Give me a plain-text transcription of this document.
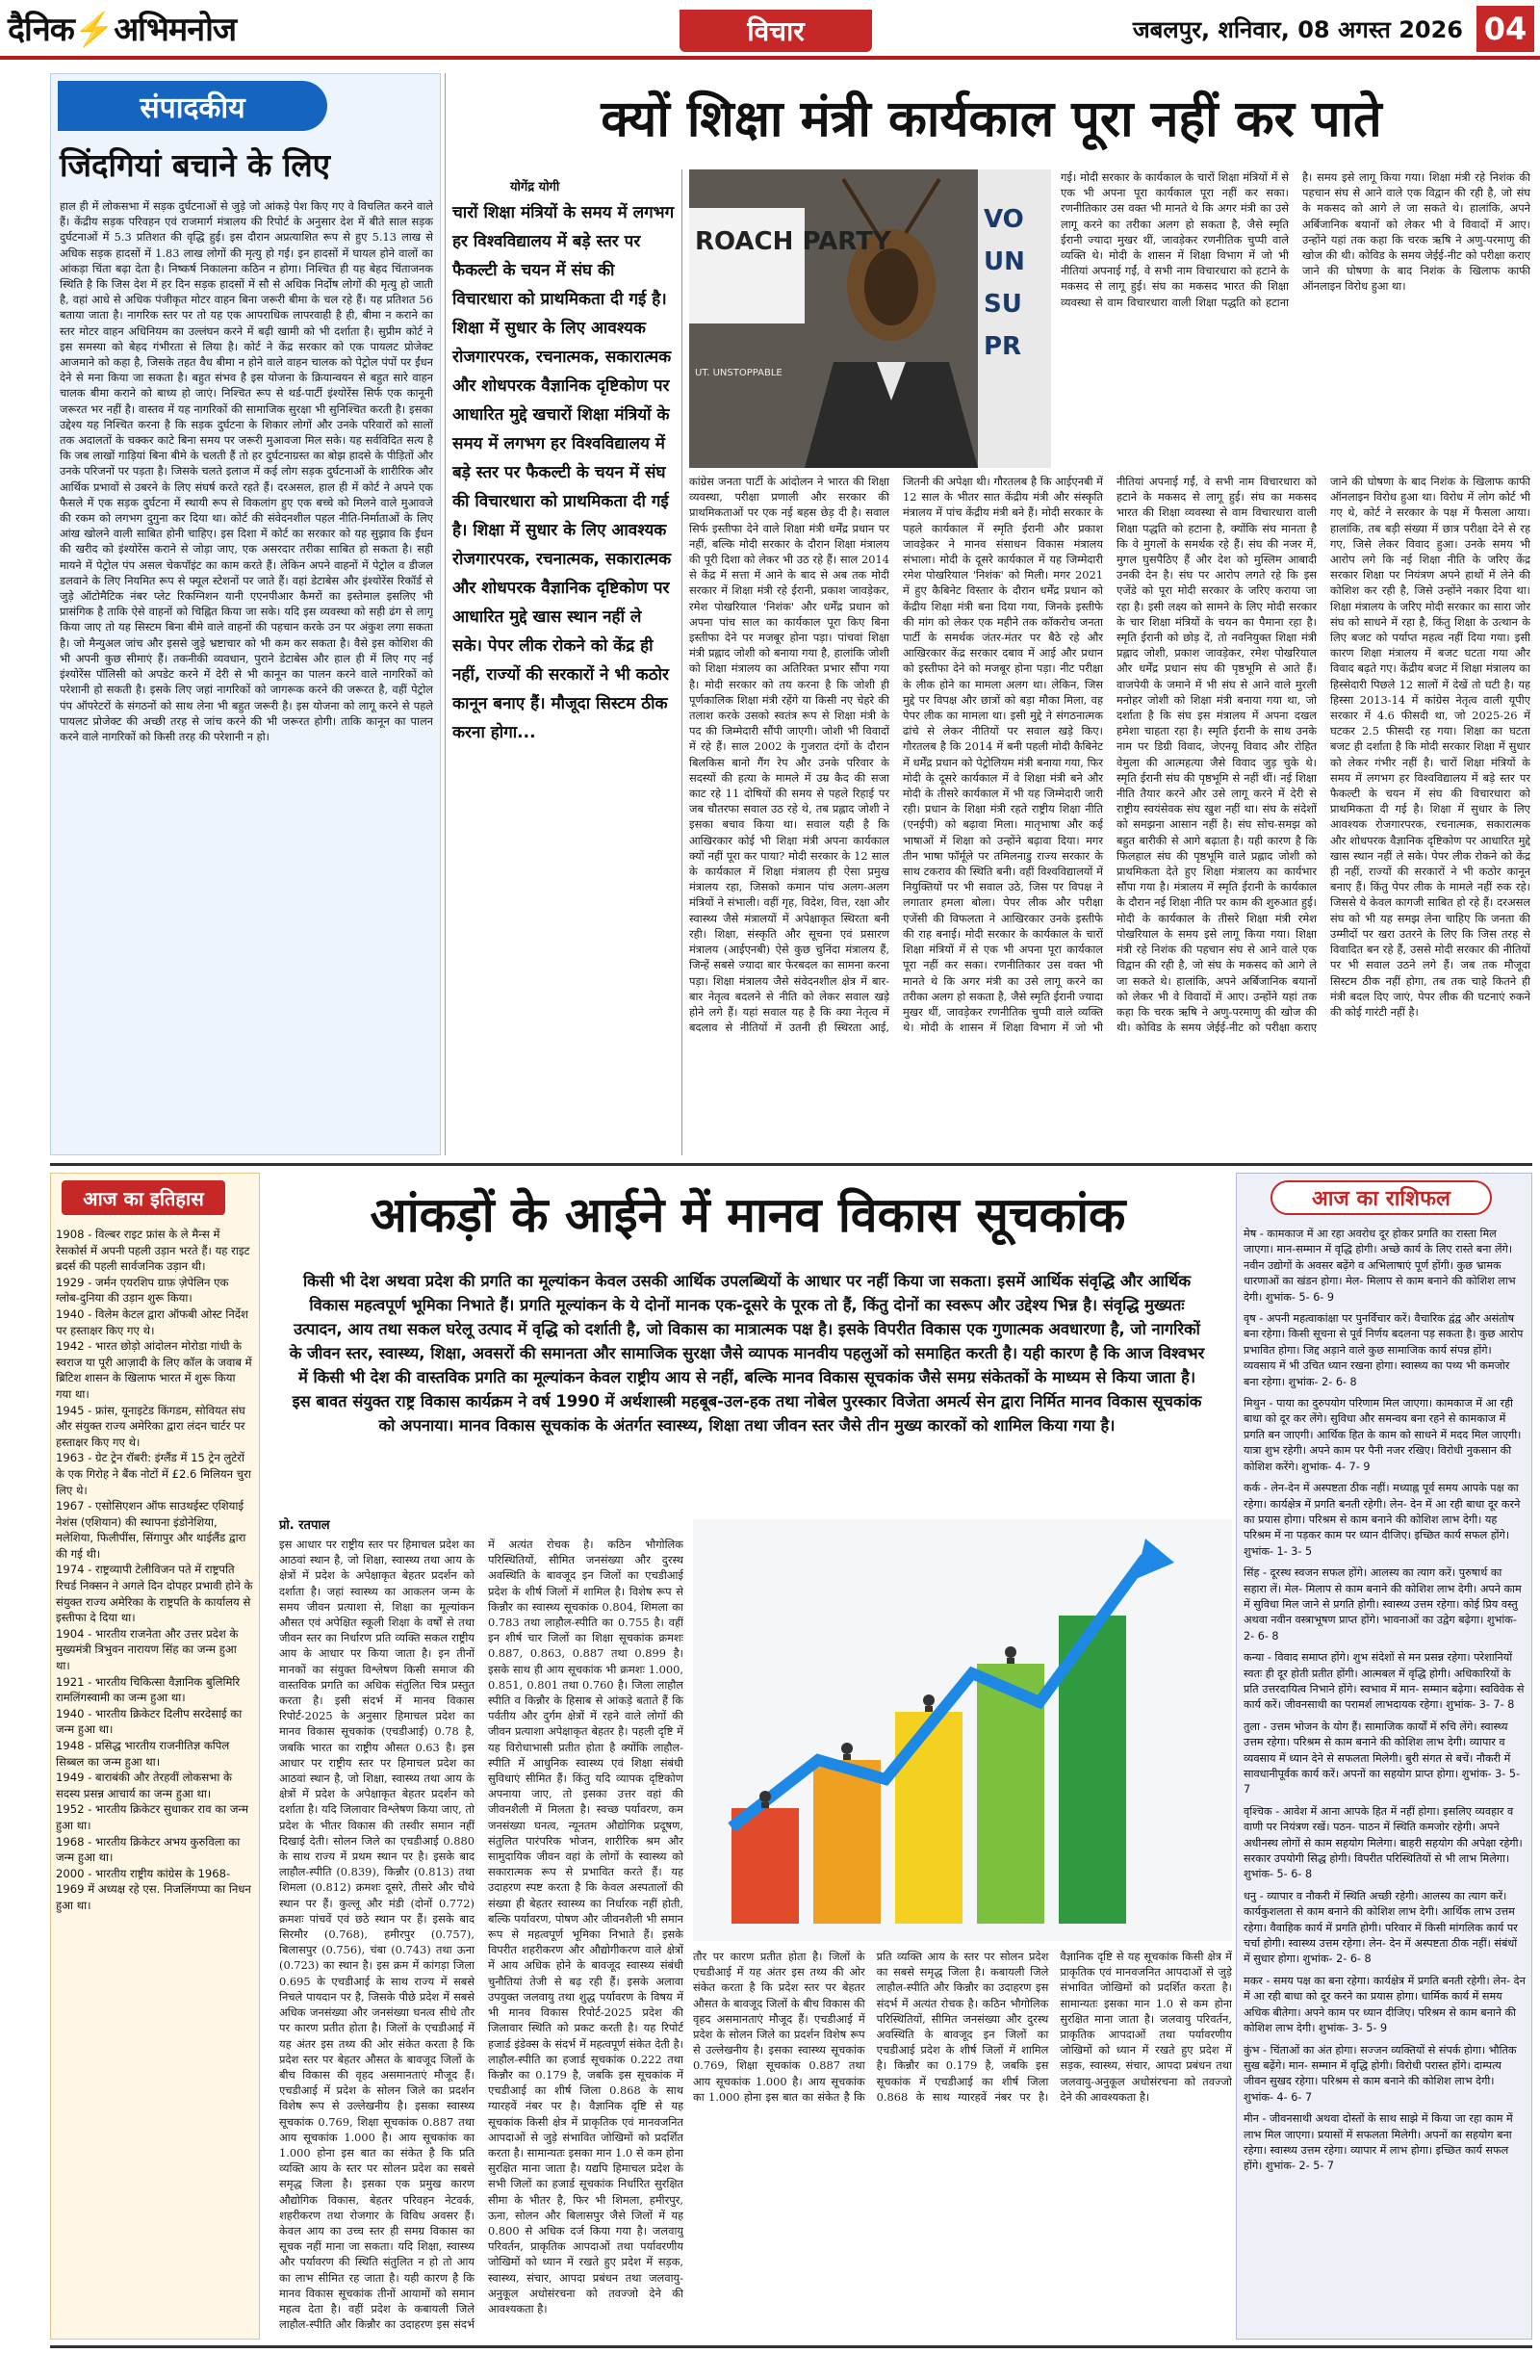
दैनिक⚡अभिमनोज	विचार	जबलपुर, शनिवार, 08 अगस्त 2026 04
संपादकीय
जिंदगियां बचाने के लिए

हाल ही में लोकसभा में सड़क दुर्घटनाओं से जुड़े जो आंकड़े पेश किए गए वे विचलित करने वाले हैं। केंद्रीय सड़क परिवहन एवं राजमार्ग मंत्रालय की रिपोर्ट के अनुसार देश में बीते साल सड़क दुर्घटनाओं में 5.3 प्रतिशत की वृद्धि हुई। इस दौरान अप्रत्याशित रूप से हुए 5.13 लाख से अधिक सड़क हादसों में 1.83 लाख लोगों की मृत्यु हो गई। इन हादसों में घायल होने वालों का आंकड़ा चिंता बढ़ा देता है। निष्कर्ष निकालना कठिन न होगा। निश्चित ही यह बेहद चिंताजनक स्थिति है कि जिस देश में हर दिन सड़क हादसों में सौ से अधिक निर्दोष लोगों की मृत्यु हो जाती है, वहां आधे से अधिक पंजीकृत मोटर वाहन बिना जरूरी बीमा के चल रहे हैं। यह प्रतिशत 56 बताया जाता है। नागरिक स्तर पर तो यह एक आपराधिक लापरवाही है ही, बीमा न कराने का स्तर मोटर वाहन अधिनियम का उल्लंघन करने में बढ़ी खामी को भी दर्शाता है। सुप्रीम कोर्ट ने इस समस्या को बेहद गंभीरता से लिया है। कोर्ट ने केंद्र सरकार को एक पायलट प्रोजेक्ट आजमाने को कहा है, जिसके तहत वैध बीमा न होने वाले वाहन चालक को पेट्रोल पंपों पर ईंधन देने से मना किया जा सकता है। बहुत संभव है इस योजना के क्रियान्वयन से बहुत सारे वाहन चालक बीमा कराने को बाध्य हो जाएं। निश्चित रूप से थर्ड-पार्टी इंश्योरेंस सिर्फ एक कानूनी जरूरत भर नहीं है। वास्तव में यह नागरिकों की सामाजिक सुरक्षा भी सुनिश्चित करती है। इसका उद्देश्य यह निश्चित करना है कि सड़क दुर्घटना के शिकार लोगों और उनके परिवारों को सालों तक अदालतों के चक्कर काटे बिना समय पर जरूरी मुआवजा मिल सके। यह सर्वविदित सत्य है कि जब लाखों गाड़ियां बिना बीमे के चलती हैं तो हर दुर्घटनाग्रस्त का बोझ हादसे के पीड़ितों और उनके परिजनों पर पड़ता है। जिसके चलते इलाज में कई लोग सड़क दुर्घटनाओं के शारीरिक और आर्थिक प्रभावों से उबरने के लिए संघर्ष करते रहते हैं। दरअसल, हाल ही में कोर्ट ने अपने एक फैसले में एक सड़क दुर्घटना में स्थायी रूप से विकलांग हुए एक बच्चे को मिलने वाले मुआवजे की रकम को लगभग दुगुना कर दिया था। कोर्ट की संवेदनशील पहल नीति-निर्माताओं के लिए आंख खोलने वाली साबित होनी चाहिए। इस दिशा में कोर्ट का सरकार को यह सुझाव कि ईंधन की खरीद को इंश्योरेंस कराने से जोड़ा जाए, एक असरदार तरीका साबित हो सकता है। सही मायने में पेट्रोल पंप असल चेकपॉइंट का काम करते हैं। लेकिन अपने वाहनों में पेट्रोल व डीजल डलवाने के लिए नियमित रूप से फ्यूल स्टेशनों पर जाते हैं। वहां डेटाबेस और इंश्योरेंस रिकॉर्ड से जुड़े ऑटोमैटिक नंबर प्लेट रिकग्निशन यानी एएनपीआर कैमरों का इस्तेमाल इसलिए भी प्रासंगिक है ताकि ऐसे वाहनों को चिह्नित किया जा सके। यदि इस व्यवस्था को सही ढंग से लागू किया जाए तो यह सिस्टम बिना बीमे वाले वाहनों की पहचान करके उन पर अंकुश लगा सकता है। जो मैन्युअल जांच और इससे जुड़े भ्रष्टाचार को भी कम कर सकता है। वैसे इस कोशिश की भी अपनी कुछ सीमाएं हैं। तकनीकी व्यवधान, पुराने डेटाबेस और हाल ही में लिए गए नई इंश्योरेंस पॉलिसी को अपडेट करने में देरी से भी कानून का पालन करने वाले नागरिकों को परेशानी हो सकती है। इसके लिए जहां नागरिकों को जागरूक करने की जरूरत है, वहीं पेट्रोल पंप ऑपरेटरों के संगठनों को साथ लेना भी बहुत जरूरी है। इस योजना को लागू करने से पहले पायलट प्रोजेक्ट की अच्छी तरह से जांच करने की भी जरूरत होगी। ताकि कानून का पालन करने वाले नागरिकों को किसी तरह की परेशानी न हो।

क्यों शिक्षा मंत्री कार्यकाल पूरा नहीं कर पाते
योगेंद्र योगी
चारों शिक्षा मंत्रियों के समय में लगभग हर विश्वविद्यालय में बड़े स्तर पर फैकल्टी के चयन में संघ की विचारधारा को प्राथमिकता दी गई है। शिक्षा में सुधार के लिए आवश्यक रोजगारपरक, रचनात्मक, सकारात्मक और शोधपरक वैज्ञानिक दृष्टिकोण पर आधारित मुद्दे खचारों शिक्षा मंत्रियों के समय में लगभग हर विश्वविद्यालय में बड़े स्तर पर फैकल्टी के चयन में संघ की विचारधारा को प्राथमिकता दी गई है। शिक्षा में सुधार के लिए आवश्यक रोजगारपरक, रचनात्मक, सकारात्मक और शोधपरक वैज्ञानिक दृष्टिकोण पर आधारित मुद्दे खास स्थान नहीं ले सके। पेपर लीक रोकने को केंद्र ही नहीं, राज्यों की सरकारों ने भी कठोर कानून बनाए हैं। मौजूदा सिस्टम ठीक करना होगा...
ROACH PARTY
UT. UNSTOPPABLE
VO UN SU PR

कांग्रेस जनता पार्टी के आंदोलन ने भारत की शिक्षा व्यवस्था, परीक्षा प्रणाली और सरकार की प्राथमिकताओं पर एक नई बहस छेड़ दी है। सवाल सिर्फ इस्तीफा देने वाले शिक्षा मंत्री धर्मेंद्र प्रधान पर नहीं, बल्कि मोदी सरकार के दौरान शिक्षा मंत्रालय की पूरी दिशा को लेकर भी उठ रहे हैं। साल 2014 से केंद्र में सत्ता में आने के बाद से अब तक मोदी सरकार में शिक्षा मंत्री रहे ईरानी, प्रकाश जावड़ेकर, रमेश पोखरियाल 'निशंक' और धर्मेंद्र प्रधान को अपना पांच साल का कार्यकाल पूरा किए बिना इस्तीफा देने पर मजबूर होना पड़ा। पांचवां शिक्षा मंत्री प्रह्लाद जोशी को बनाया गया है, हालांकि जोशी को शिक्षा मंत्रालय का अतिरिक्त प्रभार सौंपा गया है। मोदी सरकार को तय करना है कि जोशी ही पूर्णकालिक शिक्षा मंत्री रहेंगे या किसी नए चेहरे की तलाश करके उसको स्वतंत्र रूप से शिक्षा मंत्री के पद की जिम्मेदारी सौंपी जाएगी। जोशी भी विवादों में रहे हैं। साल 2002 के गुजरात दंगों के दौरान बिलकिस बानो गैंग रेप और उनके परिवार के सदस्यों की हत्या के मामले में उम्र कैद की सजा काट रहे 11 दोषियों की समय से पहले रिहाई पर जब चौतरफा सवाल उठ रहे थे, तब प्रह्लाद जोशी ने इसका बचाव किया था। सवाल यही है कि आखिरकार कोई भी शिक्षा मंत्री अपना कार्यकाल क्यों नहीं पूरा कर पाया? मोदी सरकार के 12 साल के कार्यकाल में शिक्षा मंत्रालय ही ऐसा प्रमुख मंत्रालय रहा, जिसको कमान पांच अलग-अलग मंत्रियों ने संभाली। वहीं गृह, विदेश, वित्त, रक्षा और स्वास्थ्य जैसे मंत्रालयों में अपेक्षाकृत स्थिरता बनी रही। शिक्षा, संस्कृति और सूचना एवं प्रसारण मंत्रालय (आईएनबी) ऐसे कुछ चुनिंदा मंत्रालय हैं, जिन्हें सबसे ज्यादा बार फेरबदल का सामना करना पड़ा। शिक्षा मंत्रालय जैसे संवेदनशील क्षेत्र में बार-बार नेतृत्व बदलने से नीति को लेकर सवाल खड़े होने लगे हैं। यहां सवाल यह है कि क्या नेतृत्व में बदलाव से नीतियों में उतनी ही स्थिरता आई, जितनी की अपेक्षा थी। गौरतलब है कि आईएनबी में 12 साल के भीतर सात केंद्रीय मंत्री और संस्कृति मंत्रालय में पांच केंद्रीय मंत्री बने हैं। मोदी सरकार के पहले कार्यकाल में स्मृति ईरानी और प्रकाश जावड़ेकर ने मानव संसाधन विकास मंत्रालय संभाला। मोदी के दूसरे कार्यकाल में यह जिम्मेदारी रमेश पोखरियाल 'निशंक' को मिली। मगर 2021 में हुए कैबिनेट विस्तार के दौरान धर्मेंद्र प्रधान को केंद्रीय शिक्षा मंत्री बना दिया गया, जिनके इस्तीफे की मांग को लेकर एक महीने तक कॉकरोच जनता पार्टी के समर्थक जंतर-मंतर पर बैठे रहे और आखिरकार केंद्र सरकार दबाव में आई और प्रधान को इस्तीफा देने को मजबूर होना पड़ा। नीट परीक्षा के लीक होने का मामला अलग था। लेकिन, जिस मुद्दे पर विपक्ष और छात्रों को बड़ा मौका मिला, वह पेपर लीक का मामला था। इसी मुद्दे ने संगठनात्मक ढांचे से लेकर नीतियों पर सवाल खड़े किए। गौरतलब है कि 2014 में बनी पहली मोदी कैबिनेट में धर्मेंद्र प्रधान को पेट्रोलियम मंत्री बनाया गया, फिर मोदी के दूसरे कार्यकाल में वे शिक्षा मंत्री बने और मोदी के तीसरे कार्यकाल में भी यह जिम्मेदारी जारी रही। प्रधान के शिक्षा मंत्री रहते राष्ट्रीय शिक्षा नीति (एनईपी) को बढ़ावा मिला। मातृभाषा और कई भाषाओं में शिक्षा को उन्होंने बढ़ावा दिया। मगर तीन भाषा फॉर्मूले पर तमिलनाडु राज्य सरकार के साथ टकराव की स्थिति बनी। वहीं विश्वविद्यालयों में नियुक्तियों पर भी सवाल उठे, जिस पर विपक्ष ने लगातार हमला बोला। पेपर लीक और परीक्षा एजेंसी की विफलता ने आखिरकार उनके इस्तीफे की राह बनाई। मोदी सरकार के कार्यकाल के चारों शिक्षा मंत्रियों में से एक भी अपना पूरा कार्यकाल पूरा नहीं कर सका। रणनीतिकार उस वक्त भी मानते थे कि अगर मंत्री का उसे लागू करने का तरीका अलग हो सकता है, जैसे स्मृति ईरानी ज्यादा मुखर थीं, जावड़ेकर रणनीतिक चुप्पी वाले व्यक्ति थे। मोदी के शासन में शिक्षा विभाग में जो भी नीतियां अपनाई गईं, वे सभी नाम विचारधारा को हटाने के मकसद से लागू हुई। संघ का मकसद भारत की शिक्षा व्यवस्था से वाम विचारधारा वाली शिक्षा पद्धति को हटाना है, क्योंकि संघ मानता है कि वे मुगलों के समर्थक रहे हैं। संघ की नजर में, मुगल घुसपैठिए हैं और देश को मुस्लिम आबादी उनकी देन है। संघ पर आरोप लगते रहे कि इस एजेंडे को पूरा मोदी सरकार के जरिए कराया जा रहा है। इसी लक्ष्य को सामने के लिए मोदी सरकार के चार शिक्षा मंत्रियों के चयन का पैमाना रहा है। स्मृति ईरानी को छोड़ दें, तो नवनियुक्त शिक्षा मंत्री प्रह्लाद जोशी, प्रकाश जावड़ेकर, रमेश पोखरियाल और धर्मेंद्र प्रधान संघ की पृष्ठभूमि से आते हैं। वाजपेयी के जमाने में भी संघ से आने वाले मुरली मनोहर जोशी को शिक्षा मंत्री बनाया गया था, जो दर्शाता है कि संघ इस मंत्रालय में अपना दखल हमेशा चाहता रहा है। स्मृति ईरानी के साथ उनके नाम पर डिग्री विवाद, जेएनयू विवाद और रोहित वेमुला की आत्महत्या जैसे विवाद जुड़ चुके थे। स्मृति ईरानी संघ की पृष्ठभूमि से नहीं थीं। नई शिक्षा नीति तैयार करने और उसे लागू करने में देरी से राष्ट्रीय स्वयंसेवक संघ खुश नहीं था। संघ के संदेशों को समझना आसान नहीं है। संघ सोच-समझ को बहुत बारीकी से आगे बढ़ाता है। यही कारण है कि फिलहाल संघ की पृष्ठभूमि वाले प्रह्लाद जोशी को प्राथमिकता देते हुए शिक्षा मंत्रालय का कार्यभार सौंपा गया है। मंत्रालय में स्मृति ईरानी के कार्यकाल के दौरान नई शिक्षा नीति पर काम की शुरुआत हुई। मोदी के कार्यकाल के तीसरे शिक्षा मंत्री रमेश पोखरियाल के समय इसे लागू किया गया। शिक्षा मंत्री रहे निशंक की पहचान संघ से आने वाले एक विद्वान की रही है, जो संघ के मकसद को आगे ले जा सकते थे। हालांकि, अपने अर्बिजानिक बयानों को लेकर भी वे विवादों में आए। उन्होंने यहां तक कहा कि चरक ऋषि ने अणु-परमाणु की खोज की थी। कोविड के समय जेईई-नीट को परीक्षा कराए जाने की घोषणा के बाद निशंक के खिलाफ काफी ऑनलाइन विरोध हुआ था। विरोध में लोग कोर्ट भी गए थे, कोर्ट ने सरकार के पक्ष में फैसला आया। हालांकि, तब बड़ी संख्या में छात्र परीक्षा देने से रह गए, जिसे लेकर विवाद हुआ। उनके समय भी आरोप लगे कि नई शिक्षा नीति के जरिए केंद्र सरकार शिक्षा पर नियंत्रण अपने हाथों में लेने की कोशिश कर रही है, जिसे उन्होंने नकार दिया था। शिक्षा मंत्रालय के जरिए मोदी सरकार का सारा जोर संघ को साधने में रहा है, किंतु शिक्षा के उत्थान के लिए बजट को पर्याप्त महत्व नहीं दिया गया। इसी कारण शिक्षा मंत्रालय में बजट घटता गया और विवाद बढ़ते गए। केंद्रीय बजट में शिक्षा मंत्रालय का हिस्सेदारी पिछले 12 सालों में देखें तो घटी है। यह हिस्सा 2013-14 में कांग्रेस नेतृत्व वाली यूपीए सरकार में 4.6 फीसदी था, जो 2025-26 में घटकर 2.5 फीसदी रह गया। शिक्षा का घटता बजट ही दर्शाता है कि मोदी सरकार शिक्षा में सुधार को लेकर गंभीर नहीं है। चारों शिक्षा मंत्रियों के समय में लगभग हर विश्वविद्यालय में बड़े स्तर पर फैकल्टी के चयन में संघ की विचारधारा को प्राथमिकता दी गई है। शिक्षा में सुधार के लिए आवश्यक रोजगारपरक, रचनात्मक, सकारात्मक और शोधपरक वैज्ञानिक दृष्टिकोण पर आधारित मुद्दे खास स्थान नहीं ले सके। पेपर लीक रोकने को केंद्र ही नहीं, राज्यों की सरकारों ने भी कठोर कानून बनाए हैं। किंतु पेपर लीक के मामले नहीं रुक रहे। जिससे ये केवल कागजी साबित हो रहे हैं। दरअसल संघ को भी यह समझ लेना चाहिए कि जनता की उम्मीदों पर खरा उतरने के लिए कि जिस तरह से विवादित बन रहे हैं, उससे मोदी सरकार की नीतियों पर भी सवाल उठने लगे हैं। जब तक मौजूदा सिस्टम ठीक नहीं होगा, तब तक चाहे कितने ही मंत्री बदल दिए जाएं, पेपर लीक की घटनाएं रुकने की कोई गारंटी नहीं है।

गई। मोदी सरकार के कार्यकाल के चारों शिक्षा मंत्रियों में से एक भी अपना पूरा कार्यकाल पूरा नहीं कर सका। रणनीतिकार उस वक्त भी मानते थे कि अगर मंत्री का उसे लागू करने का तरीका अलग हो सकता है, जैसे स्मृति ईरानी ज्यादा मुखर थीं, जावड़ेकर रणनीतिक चुप्पी वाले व्यक्ति थे। मोदी के शासन में शिक्षा विभाग में जो भी नीतियां अपनाई गईं, वे सभी नाम विचारधारा को हटाने के मकसद से लागू हुई। संघ का मकसद भारत की शिक्षा व्यवस्था से वाम विचारधारा वाली शिक्षा पद्धति को हटाना है। समय इसे लागू किया गया। शिक्षा मंत्री रहे निशंक की पहचान संघ से आने वाले एक विद्वान की रही है, जो संघ के मकसद को आगे ले जा सकते थे। हालांकि, अपने अर्बिजानिक बयानों को लेकर भी वे विवादों में आए। उन्होंने यहां तक कहा कि चरक ऋषि ने अणु-परमाणु की खोज की थी। कोविड के समय जेईई-नीट को परीक्षा कराए जाने की घोषणा के बाद निशंक के खिलाफ काफी ऑनलाइन विरोध हुआ था।

आज का इतिहास

1908 - विल्बर राइट फ्रांस के ले मैन्स में रेसकोर्स में अपनी पहली उड़ान भरते हैं। यह राइट ब्रदर्स की पहली सार्वजनिक उड़ान थी।

1929 - जर्मन एयरशिप ग्राफ़ ज़ेपेलिन एक ग्लोब-दुनिया की उड़ान शुरू किया।

1940 - विलेम केटल द्वारा ऑफबी ओस्ट निर्देश पर हस्ताक्षर किए गए थे।

1942 - भारत छोड़ो आंदोलन मोरोडा गांधी के स्वराज या पूरी आज़ादी के लिए कॉल के जवाब में ब्रिटिश शासन के खिलाफ भारत में शुरू किया गया था।

1945 - फ्रांस, यूनाइटेड किंगडम, सोवियत संघ और संयुक्त राज्य अमेरिका द्वारा लंदन चार्टर पर हस्ताक्षर किए गए थे।

1963 - ग्रेट ट्रेन रॉबरी: इंग्लैंड में 15 ट्रेन लुटेरों के एक गिरोह ने बैंक नोटों में £2.6 मिलियन चुरा लिए थे।

1967 - एसोसिएशन ऑफ साउथईस्ट एशियाई नेशंस (एशियान) की स्थापना इंडोनेशिया, मलेशिया, फिलीपींस, सिंगापुर और थाईलैंड द्वारा की गई थी।

1974 - राष्ट्रव्यापी टेलीविजन पते में राष्ट्रपति रिचर्ड निक्सन ने अगले दिन दोपहर प्रभावी होने के संयुक्त राज्य अमेरिका के राष्ट्रपति के कार्यालय से इस्तीफा दे दिया था।

1904 - भारतीय राजनेता और उत्तर प्रदेश के मुख्यमंत्री त्रिभुवन नारायण सिंह का जन्म हुआ था।

1921 - भारतीय चिकित्सा वैज्ञानिक बुलिमिरि रामलिंगस्वामी का जन्म हुआ था।

1940 - भारतीय क्रिकेटर दिलीप सरदेसाई का जन्म हुआ था।

1948 - प्रसिद्ध भारतीय राजनीतिज्ञ कपिल सिब्बल का जन्म हुआ था।

1949 - बाराबंकी और तेरहवीं लोकसभा के सदस्य प्रसन्न आचार्य का जन्म हुआ था।

1952 - भारतीय क्रिकेटर सुधाकर राव का जन्म हुआ था।

1968 - भारतीय क्रिकेटर अभय कुरुविला का जन्म हुआ था।

2000 - भारतीय राष्ट्रीय कांग्रेस के 1968-1969 में अध्यक्ष रहे एस. निजलिंगप्पा का निधन हुआ था।

आंकड़ों के आईने में मानव विकास सूचकांक
किसी भी देश अथवा प्रदेश की प्रगति का मूल्यांकन केवल उसकी आर्थिक उपलब्धियों के आधार पर नहीं किया जा सकता। इसमें आर्थिक संवृद्धि और आर्थिक विकास महत्वपूर्ण भूमिका निभाते हैं। प्रगति मूल्यांकन के ये दोनों मानक एक-दूसरे के पूरक तो हैं, किंतु दोनों का स्वरूप और उद्देश्य भिन्न है। संवृद्धि मुख्यतः उत्पादन, आय तथा सकल घरेलू उत्पाद में वृद्धि को दर्शाती है, जो विकास का मात्रात्मक पक्ष है। इसके विपरीत विकास एक गुणात्मक अवधारणा है, जो नागरिकों के जीवन स्तर, स्वास्थ्य, शिक्षा, अवसरों की समानता और सामाजिक सुरक्षा जैसे व्यापक मानवीय पहलुओं को समाहित करती है। यही कारण है कि आज विश्वभर में किसी भी देश की वास्तविक प्रगति का मूल्यांकन केवल राष्ट्रीय आय से नहीं, बल्कि मानव विकास सूचकांक जैसे समग्र संकेतकों के माध्यम से किया जाता है। इस बावत संयुक्त राष्ट्र विकास कार्यक्रम ने वर्ष 1990 में अर्थशास्त्री महबूब-उल-हक तथा नोबेल पुरस्कार विजेता अमर्त्य सेन द्वारा निर्मित मानव विकास सूचकांक को अपनाया। मानव विकास सूचकांक के अंतर्गत स्वास्थ्य, शिक्षा तथा जीवन स्तर जैसे तीन मुख्य कारकों को शामिल किया गया है।
प्रो. रतपाल

इस आधार पर राष्ट्रीय स्तर पर हिमाचल प्रदेश का आठवां स्थान है, जो शिक्षा, स्वास्थ्य तथा आय के क्षेत्रों में प्रदेश के अपेक्षाकृत बेहतर प्रदर्शन को दर्शाता है। जहां स्वास्थ्य का आकलन जन्म के समय जीवन प्रत्याशा से, शिक्षा का मूल्यांकन औसत एवं अपेक्षित स्कूली शिक्षा के वर्षों से तथा जीवन स्तर का निर्धारण प्रति व्यक्ति सकल राष्ट्रीय आय के आधार पर किया जाता है। इन तीनों मानकों का संयुक्त विश्लेषण किसी समाज की वास्तविक प्रगति का अधिक संतुलित चित्र प्रस्तुत करता है। इसी संदर्भ में मानव विकास रिपोर्ट-2025 के अनुसार हिमाचल प्रदेश का मानव विकास सूचकांक (एचडीआई) 0.78 है, जबकि भारत का राष्ट्रीय औसत 0.63 है। इस आधार पर राष्ट्रीय स्तर पर हिमाचल प्रदेश का आठवां स्थान है, जो शिक्षा, स्वास्थ्य तथा आय के क्षेत्रों में प्रदेश के अपेक्षाकृत बेहतर प्रदर्शन को दर्शाता है। यदि जिलावार विश्लेषण किया जाए, तो प्रदेश के भीतर विकास की तस्वीर समान नहीं दिखाई देती। सोलन जिले का एचडीआई 0.880 के साथ राज्य में प्रथम स्थान पर है। इसके बाद लाहौल-स्पीति (0.839), किन्नौर (0.813) तथा शिमला (0.812) क्रमशः दूसरे, तीसरे और चौथे स्थान पर हैं। कुल्लू और मंडी (दोनों 0.772) क्रमशः पांचवें एवं छठे स्थान पर हैं। इसके बाद सिरमौर (0.768), हमीरपुर (0.757), बिलासपुर (0.756), चंबा (0.743) तथा ऊना (0.723) का स्थान है। इस क्रम में कांगड़ा जिला 0.695 के एचडीआई के साथ राज्य में सबसे निचले पायदान पर है, जिसके पीछे प्रदेश में सबसे अधिक जनसंख्या और जनसंख्या घनत्व सीधे तौर पर कारण प्रतीत होता है। जिलों के एचडीआई में यह अंतर इस तथ्य की ओर संकेत करता है कि प्रदेश स्तर पर बेहतर औसत के बावजूद जिलों के बीच विकास की वृहद असमानताएं मौजूद हैं। एचडीआई में प्रदेश के सोलन जिले का प्रदर्शन विशेष रूप से उल्लेखनीय है। इसका स्वास्थ्य सूचकांक 0.769, शिक्षा सूचकांक 0.887 तथा आय सूचकांक 1.000 है। आय सूचकांक का 1.000 होना इस बात का संकेत है कि प्रति व्यक्ति आय के स्तर पर सोलन प्रदेश का सबसे समृद्ध जिला है। इसका एक प्रमुख कारण औद्योगिक विकास, बेहतर परिवहन नेटवर्क, शहरीकरण तथा रोजगार के विविध अवसर हैं। केवल आय का उच्च स्तर ही समग्र विकास का सूचक नहीं माना जा सकता। यदि शिक्षा, स्वास्थ्य और पर्यावरण की स्थिति संतुलित न हो तो आय का लाभ सीमित रह जाता है। यही कारण है कि मानव विकास सूचकांक तीनों आयामों को समान महत्व देता है। वहीं प्रदेश के कबायली जिले लाहौल-स्पीति और किन्नौर का उदाहरण इस संदर्भ में अत्यंत रोचक है। कठिन भौगोलिक परिस्थितियों, सीमित जनसंख्या और दुरस्थ अवस्थिति के बावजूद इन जिलों का एचडीआई प्रदेश के शीर्ष जिलों में शामिल है। विशेष रूप से किन्नौर का स्वास्थ्य सूचकांक 0.804, शिमला का 0.783 तथा लाहौल-स्पीति का 0.755 है। वहीं इन शीर्ष चार जिलों का शिक्षा सूचकांक क्रमशः 0.887, 0.863, 0.887 तथा 0.899 है। इसके साथ ही आय सूचकांक भी क्रमशः 1.000, 0.851, 0.801 तथा 0.760 है। जिला लाहौल स्पीति व किन्नौर के हिसाब से आंकड़े बताते हैं कि पर्वतीय और दुर्गम क्षेत्रों में रहने वाले लोगों की जीवन प्रत्याशा अपेक्षाकृत बेहतर है। पहली दृष्टि में यह विरोधाभासी प्रतीत होता है क्योंकि लाहौल-स्पीति में आधुनिक स्वास्थ्य एवं शिक्षा संबंधी सुविधाएं सीमित हैं। किंतु यदि व्यापक दृष्टिकोण अपनाया जाए, तो इसका उत्तर वहां की जीवनशैली में मिलता है। स्वच्छ पर्यावरण, कम जनसंख्या घनत्व, न्यूनतम औद्योगिक प्रदूषण, संतुलित पारंपरिक भोजन, शारीरिक श्रम और सामुदायिक जीवन वहां के लोगों के स्वास्थ्य को सकारात्मक रूप से प्रभावित करते हैं। यह उदाहरण स्पष्ट करता है कि केवल अस्पतालों की संख्या ही बेहतर स्वास्थ्य का निर्धारक नहीं होती, बल्कि पर्यावरण, पोषण और जीवनशैली भी समान रूप से महत्वपूर्ण भूमिका निभाते हैं। इसके विपरीत शहरीकरण और औद्योगीकरण वाले क्षेत्रों में आय अधिक होने के बावजूद स्वास्थ्य संबंधी चुनौतियां तेजी से बढ़ रही हैं। इसके अलावा उपयुक्त जलवायु तथा शुद्ध पर्यावरण के विषय में भी मानव विकास रिपोर्ट-2025 प्रदेश की जिलावार स्थिति को प्रकट करती है। यह रिपोर्ट हजार्ड इंडेक्स के संदर्भ में महत्वपूर्ण संकेत देती है। लाहौल-स्पीति का हजार्ड सूचकांक 0.222 तथा किन्नौर का 0.179 है, जबकि इस सूचकांक में एचडीआई का शीर्ष जिला 0.868 के साथ ग्यारहवें नंबर पर है। वैज्ञानिक दृष्टि से यह सूचकांक किसी क्षेत्र में प्राकृतिक एवं मानवजनित आपदाओं से जुड़े संभावित जोखिमों को प्रदर्शित करता है। सामान्यतः इसका मान 1.0 से कम होना सुरक्षित माना जाता है। यद्यपि हिमाचल प्रदेश के सभी जिलों का हजार्ड सूचकांक निर्धारित सुरक्षित सीमा के भीतर है, फिर भी शिमला, हमीरपुर, ऊना, सोलन और बिलासपुर जैसे जिलों में यह 0.800 से अधिक दर्ज किया गया है। जलवायु परिवर्तन, प्राकृतिक आपदाओं तथा पर्यावरणीय जोखिमों को ध्यान में रखते हुए प्रदेश में सड़क, स्वास्थ्य, संचार, आपदा प्रबंधन तथा जलवायु-अनुकूल अधोसंरचना को तवज्जो देने की आवश्यकता है।

तौर पर कारण प्रतीत होता है। जिलों के एचडीआई में यह अंतर इस तथ्य की ओर संकेत करता है कि प्रदेश स्तर पर बेहतर औसत के बावजूद जिलों के बीच विकास की वृहद असमानताएं मौजूद हैं। एचडीआई में प्रदेश के सोलन जिले का प्रदर्शन विशेष रूप से उल्लेखनीय है। इसका स्वास्थ्य सूचकांक 0.769, शिक्षा सूचकांक 0.887 तथा आय सूचकांक 1.000 है। आय सूचकांक का 1.000 होना इस बात का संकेत है कि प्रति व्यक्ति आय के स्तर पर सोलन प्रदेश का सबसे समृद्ध जिला है। कबायली जिले लाहौल-स्पीति और किन्नौर का उदाहरण इस संदर्भ में अत्यंत रोचक है। कठिन भौगोलिक परिस्थितियों, सीमित जनसंख्या और दुरस्थ अवस्थिति के बावजूद इन जिलों का एचडीआई प्रदेश के शीर्ष जिलों में शामिल है। किन्नौर का 0.179 है, जबकि इस सूचकांक में एचडीआई का शीर्ष जिला 0.868 के साथ ग्यारहवें नंबर पर है। वैज्ञानिक दृष्टि से यह सूचकांक किसी क्षेत्र में प्राकृतिक एवं मानवजनित आपदाओं से जुड़े संभावित जोखिमों को प्रदर्शित करता है। सामान्यतः इसका मान 1.0 से कम होना सुरक्षित माना जाता है। जलवायु परिवर्तन, प्राकृतिक आपदाओं तथा पर्यावरणीय जोखिमों को ध्यान में रखते हुए प्रदेश में सड़क, स्वास्थ्य, संचार, आपदा प्रबंधन तथा जलवायु-अनुकूल अधोसंरचना को तवज्जो देने की आवश्यकता है।

आज का राशिफल

मेष - कामकाज में आ रहा अवरोध दूर होकर प्रगति का रास्ता मिल जाएगा। मान-सम्मान में वृद्धि होगी। अच्छे कार्य के लिए रास्ते बना लेंगे। नवीन उद्योगों के अवसर बढ़ेंगे व अभिलाषाएं पूर्ण होंगी। कुछ भ्रामक धारणाओं का खंडन होगा। मेल- मिलाप से काम बनाने की कोशिश लाभ देगी। शुभांक- 5- 6- 9

वृष - अपनी महत्वाकांक्षा पर पुनर्विचार करें। वैचारिक द्वंद्व और असंतोष बना रहेगा। किसी सूचना से पूर्व निर्णय बदलना पड़ सकता है। कुछ आरोप प्रभावित होगा। जिद्द अड़ाने वाले कुछ सामाजिक कार्य संपन्न होंगे। व्यवसाय में भी उचित ध्यान रखना होगा। स्वास्थ्य का पथ्य भी कमजोर बना रहेगा। शुभांक- 2- 6- 8

मिथुन - पाया का दुरुपयोग परिणाम मिल जाएगा। कामकाज में आ रही बाधा को दूर कर लेंगे। सुविधा और समन्वय बना रहने से कामकाज में प्रगति बन जाएगी। आर्थिक हित के काम को साधने में मदद मिल जाएगी। यात्रा शुभ रहेगी। अपने काम पर पैनी नजर रखिए। विरोधी नुकसान की कोशिश करेंगे। शुभांक- 4- 7- 9

कर्क - लेन-देन में अस्पष्टता ठीक नहीं। मध्याह्न पूर्व समय आपके पक्ष का रहेगा। कार्यक्षेत्र में प्रगति बनती रहेगी। लेन- देन में आ रही बाधा दूर करने का प्रयास होगा। परिश्रम से काम बनाने की कोशिश लाभ देगी। यह परिश्रम में ना पड़कर काम पर ध्यान दीजिए। इच्छित कार्य सफल होंगे। शुभांक- 1- 3- 5

सिंह - दूरस्थ स्वजन सफल होंगे। आलस्य का त्याग करें। पुरुषार्थ का सहारा लें। मेल- मिलाप से काम बनाने की कोशिश लाभ देगी। अपने काम में सुविधा मिल जाने से प्रगति होगी। स्वास्थ्य उत्तम रहेगा। कोई प्रिय वस्तु अथवा नवीन वस्त्राभूषण प्राप्त होंगे। भावनाओं का उद्वेग बढ़ेगा। शुभांक- 2- 6- 8

कन्या - विवाद समाप्त होंगे। शुभ संदेशों से मन प्रसन्न रहेगा। परेशानियों स्वतः ही दूर होती प्रतीत होंगी। आत्मबल में वृद्धि होगी। अधिकारियों के प्रति उत्तरदायित्व निभाने होंगे। स्वभाव में मान- सम्मान बढ़ेगा। स्वविवेक से कार्य करें। जीवनसाथी का परामर्श लाभदायक रहेगा। शुभांक- 3- 7- 8

तुला - उत्तम भोजन के योग हैं। सामाजिक कार्यों में रुचि लेंगे। स्वास्थ्य उत्तम रहेगा। परिश्रम से काम बनाने की कोशिश लाभ देगी। व्यापार व व्यवसाय में ध्यान देने से सफलता मिलेगी। बुरी संगत से बचें। नौकरी में सावधानीपूर्वक कार्य करें। अपनों का सहयोग प्राप्त होगा। शुभांक- 3- 5- 7

वृश्चिक - आवेश में आना आपके हित में नहीं होगा। इसलिए व्यवहार व वाणी पर नियंत्रण रखें। पठन- पाठन में स्थिति कमजोर रहेगी। अपने अधीनस्थ लोगों से काम सहयोग मिलेगा। बाहरी सहयोग की अपेक्षा रहेगी। सरकार उपयोगी सिद्ध होगी। विपरीत परिस्थितियों से भी लाभ मिलेगा। शुभांक- 5- 6- 8

धनु - व्यापार व नौकरी में स्थिति अच्छी रहेगी। आलस्य का त्याग करें। कार्यकुशलता से काम बनाने की कोशिश लाभ देगी। आर्थिक लाभ उत्तम रहेगा। वैवाहिक कार्य में प्रगति होगी। परिवार में किसी मांगलिक कार्य पर चर्चा होगी। स्वास्थ्य उत्तम रहेगा। लेन- देन में अस्पष्टता ठीक नहीं। संबंधों में सुधार होगा। शुभांक- 2- 6- 8

मकर - समय पक्ष का बना रहेगा। कार्यक्षेत्र में प्रगति बनती रहेगी। लेन- देन में आ रही बाधा को दूर करने का प्रयास होगा। धार्मिक कार्य में समय अधिक बीतेगा। अपने काम पर ध्यान दीजिए। परिश्रम से काम बनाने की कोशिश लाभ देगी। शुभांक- 3- 5- 9

कुंभ - चिंताओं का अंत होगा। सज्जन व्यक्तियों से संपर्क होगा। भौतिक सुख बढ़ेंगे। मान- सम्मान में वृद्धि होगी। विरोधी परास्त होंगे। दाम्पत्य जीवन सुखद रहेगा। परिश्रम से काम बनाने की कोशिश लाभ देगी। शुभांक- 4- 6- 7

मीन - जीवनसाथी अथवा दोस्तों के साथ साझे में किया जा रहा काम में लाभ मिल जाएगा। प्रयासों में सफलता मिलेगी। अपनों का सहयोग बना रहेगा। स्वास्थ्य उत्तम रहेगा। व्यापार में लाभ होगा। इच्छित कार्य सफल होंगे। शुभांक- 2- 5- 7
